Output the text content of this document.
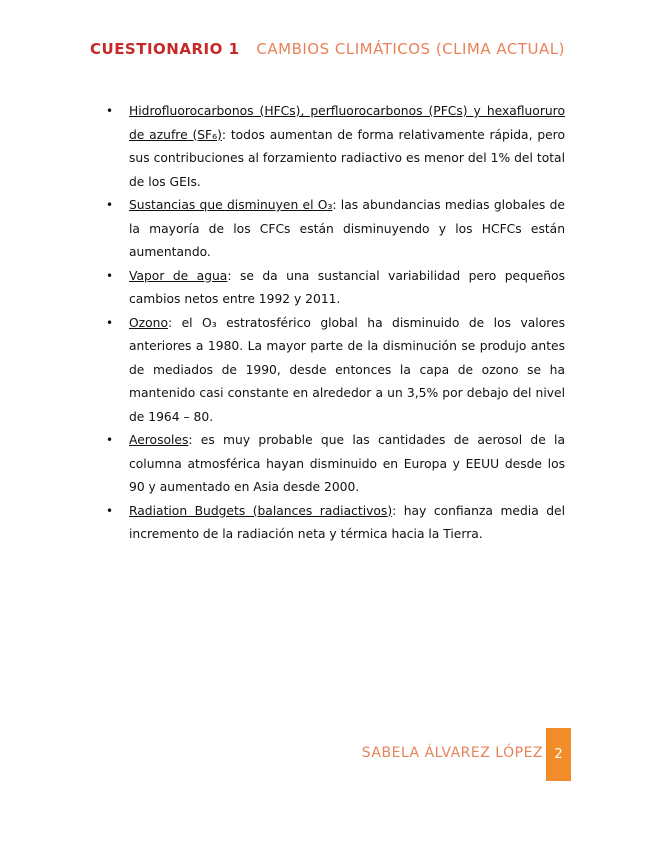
CUESTIONARIO 1 CAMBIOS CLIMÁTICOS (CLIMA ACTUAL)
• Hidrofluorocarbonos (HFCs), perfluorocarbonos (PFCs) y hexafluoruro de azufre (SF₆): todos aumentan de forma relativamente rápida, pero sus contribuciones al forzamiento radiactivo es menor del 1% del total de los GEIs.
• Sustancias que disminuyen el O₃: las abundancias medias globales de la mayoría de los CFCs están disminuyendo y los HCFCs están aumentando.
• Vapor de agua: se da una sustancial variabilidad pero pequeños cambios netos entre 1992 y 2011.
• Ozono: el O₃ estratosférico global ha disminuido de los valores anteriores a 1980. La mayor parte de la disminución se produjo antes de mediados de 1990, desde entonces la capa de ozono se ha mantenido casi constante en alrededor a un 3,5% por debajo del nivel de 1964 – 80.
• Aerosoles: es muy probable que las cantidades de aerosol de la columna atmosférica hayan disminuido en Europa y EEUU desde los 90 y aumentado en Asia desde 2000.
• Radiation Budgets (balances radiactivos): hay confianza media del incremento de la radiación neta y térmica hacia la Tierra.
SABELA ÁLVAREZ LÓPEZ 2
